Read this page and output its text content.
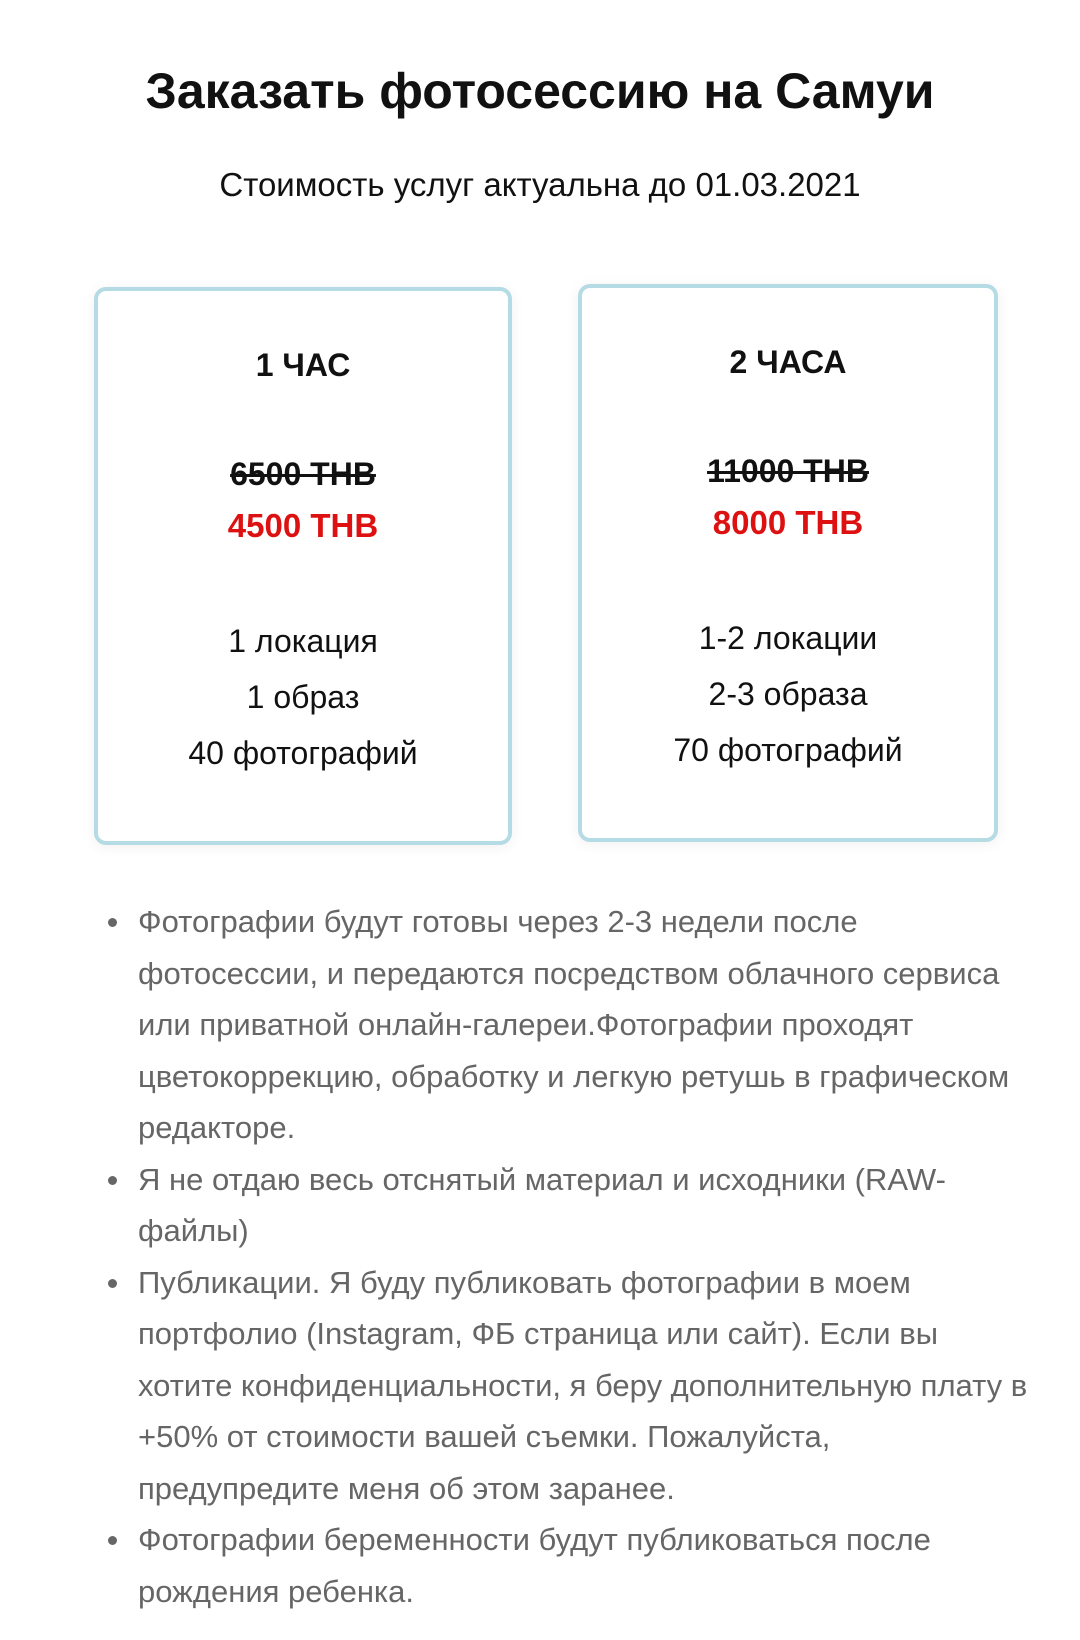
Заказать фотосессию на Самуи
Стоимость услуг актуальна до 01.03.2021
1 ЧАС
6500 THB
4500 THB
1 локация
1 образ
40 фотографий
2 ЧАСА
11000 THB
8000 THB
1-2 локации
2-3 образа
70 фотографий
Фотографии будут готовы через 2-3 недели после фотосессии, и передаются посредством облачного сервиса или приватной онлайн-галереи.Фотографии проходят цветокоррекцию, обработку и легкую ретушь в графическом редакторе.
Я не отдаю весь отснятый материал и исходники (RAW-файлы)
Публикации. Я буду публиковать фотографии в моем портфолио (Instagram, ФБ страница или сайт). Если вы хотите конфиденциальности, я беру дополнительную плату в +50% от стоимости вашей съемки. Пожалуйста, предупредите меня об этом заранее.
Фотографии беременности будут публиковаться после рождения ребенка.
